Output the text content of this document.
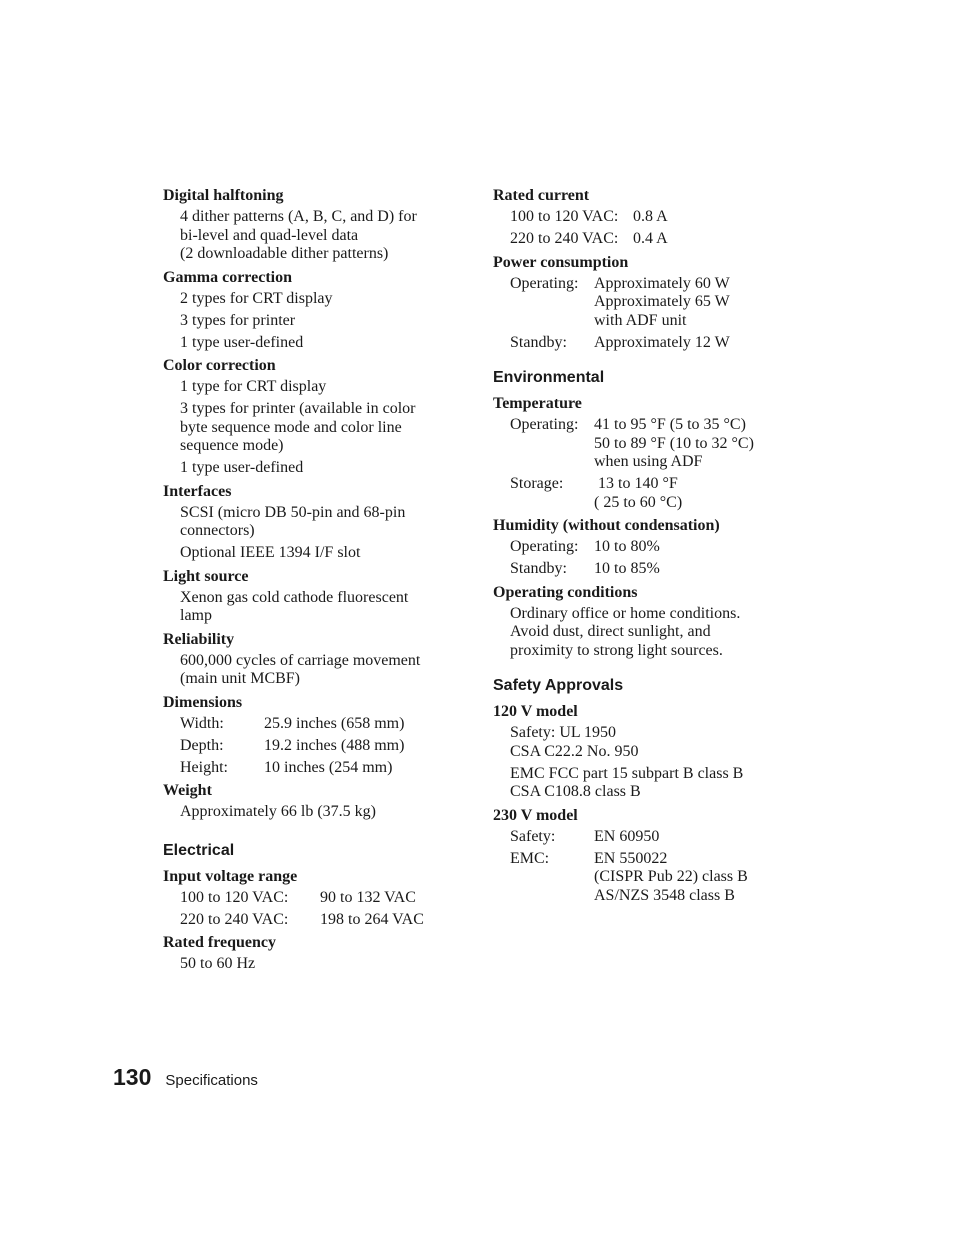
Digital halftoning
4 dither patterns (A, B, C, and D) for
bi-level and quad-level data
(2 downloadable dither patterns)
Gamma correction
2 types for CRT display
3 types for printer
1 type user-defined
Color correction
1 type for CRT display
3 types for printer (available in color
byte sequence mode and color line
sequence mode)
1 type user-defined
Interfaces
SCSI (micro DB 50-pin and 68-pin
connectors)
Optional IEEE 1394 I/F slot
Light source
Xenon gas cold cathode fluorescent
lamp
Reliability
600,000 cycles of carriage movement
(main unit MCBF)
Dimensions
Width:	25.9 inches (658 mm)
Depth:	19.2 inches (488 mm)
Height:	10 inches (254 mm)
Weight
Approximately 66 lb (37.5 kg)
Electrical
Input voltage range
100 to 120 VAC:	90 to 132 VAC
220 to 240 VAC:	198 to 264 VAC
Rated frequency
50 to 60 Hz
Rated current
100 to 120 VAC: 0.8 A
220 to 240 VAC: 0.4 A
Power consumption
Operating: Approximately 60 W
Approximately 65 W
with ADF unit
Standby:	Approximately 12 W
Environmental
Temperature
Operating: 41 to 95 °F (5 to 35 °C)
50 to 89 °F (10 to 32 °C)
when using ADF
Storage:	13 to 140 °F
( 25 to 60 °C)
Humidity (without condensation)
Operating: 10 to 80%
Standby:	10 to 85%
Operating conditions
Ordinary office or home conditions.
Avoid dust, direct sunlight, and
proximity to strong light sources.
Safety Approvals
120 V model
Safety: UL 1950
CSA C22.2 No. 950
EMC FCC part 15 subpart B class B
CSA C108.8 class B
230 V model
Safety:	EN 60950
EMC:	EN 550022
(CISPR Pub 22) class B
AS/NZS 3548 class B
130 Specifications
